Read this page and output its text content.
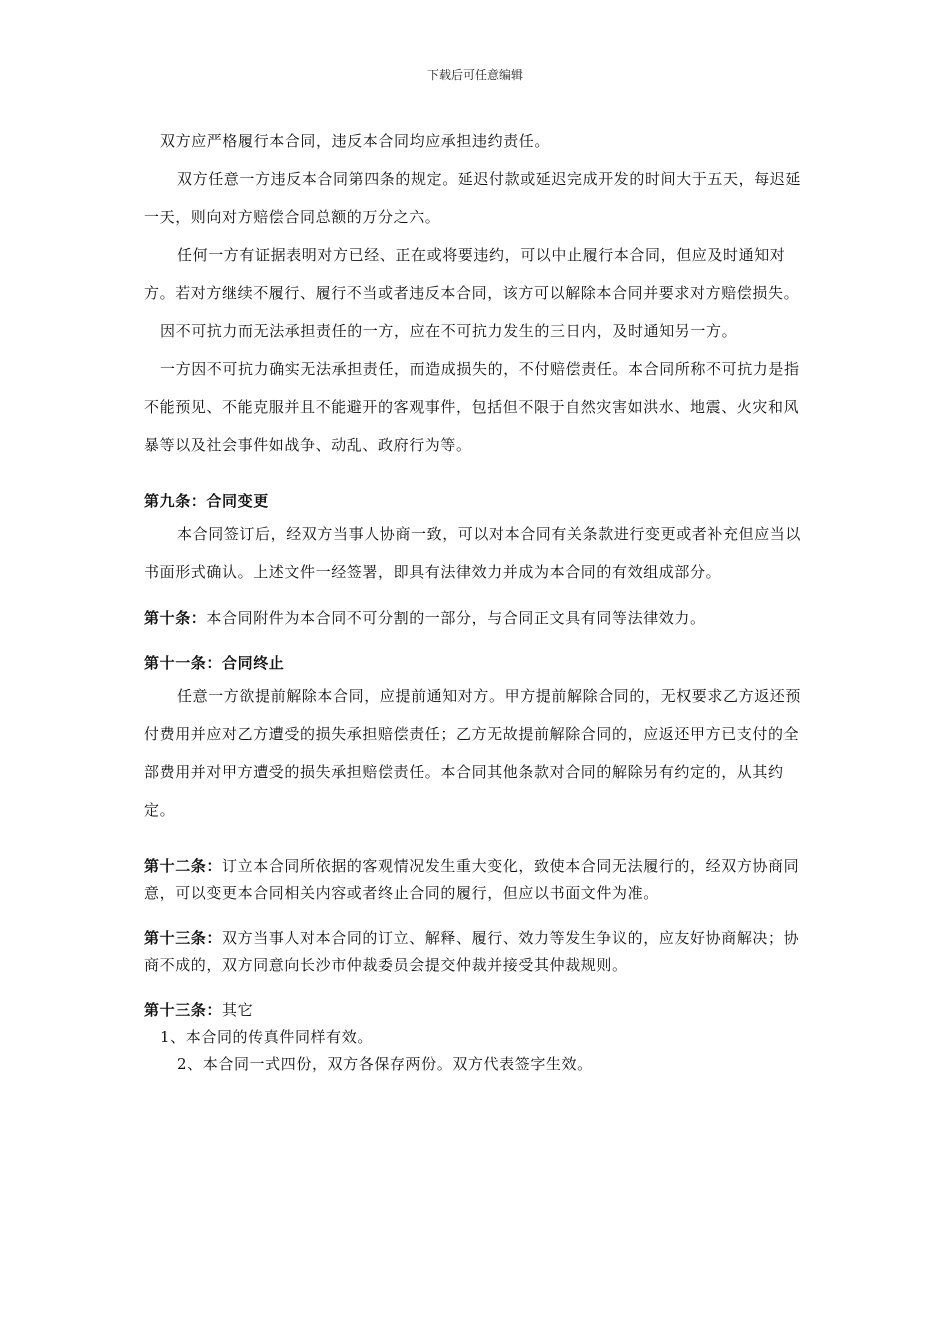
下载后可任意编辑

双方应严格履行本合同，违反本合同均应承担违约责任。

双方任意一方违反本合同第四条的规定。延迟付款或延迟完成开发的时间大于五天，每迟延一天，则向对方赔偿合同总额的万分之六。

任何一方有证据表明对方已经、正在或将要违约，可以中止履行本合同，但应及时通知对方。若对方继续不履行、履行不当或者违反本合同，该方可以解除本合同并要求对方赔偿损失。

因不可抗力而无法承担责任的一方，应在不可抗力发生的三日内，及时通知另一方。

一方因不可抗力确实无法承担责任，而造成损失的，不付赔偿责任。本合同所称不可抗力是指不能预见、不能克服并且不能避开的客观事件，包括但不限于自然灾害如洪水、地震、火灾和风暴等以及社会事件如战争、动乱、政府行为等。

第九条：合同变更

本合同签订后，经双方当事人协商一致，可以对本合同有关条款进行变更或者补充但应当以书面形式确认。上述文件一经签署，即具有法律效力并成为本合同的有效组成部分。

第十条：本合同附件为本合同不可分割的一部分，与合同正文具有同等法律效力。

第十一条：合同终止

任意一方欲提前解除本合同，应提前通知对方。甲方提前解除合同的，无权要求乙方返还预付费用并应对乙方遭受的损失承担赔偿责任；乙方无故提前解除合同的，应返还甲方已支付的全部费用并对甲方遭受的损失承担赔偿责任。本合同其他条款对合同的解除另有约定的，从其约定。

第十二条：订立本合同所依据的客观情况发生重大变化，致使本合同无法履行的，经双方协商同意，可以变更本合同相关内容或者终止合同的履行，但应以书面文件为准。

第十三条：双方当事人对本合同的订立、解释、履行、效力等发生争议的，应友好协商解决；协商不成的，双方同意向长沙市仲裁委员会提交仲裁并接受其仲裁规则。

第十三条：其它

1、本合同的传真件同样有效。

2、本合同一式四份，双方各保存两份。双方代表签字生效。
